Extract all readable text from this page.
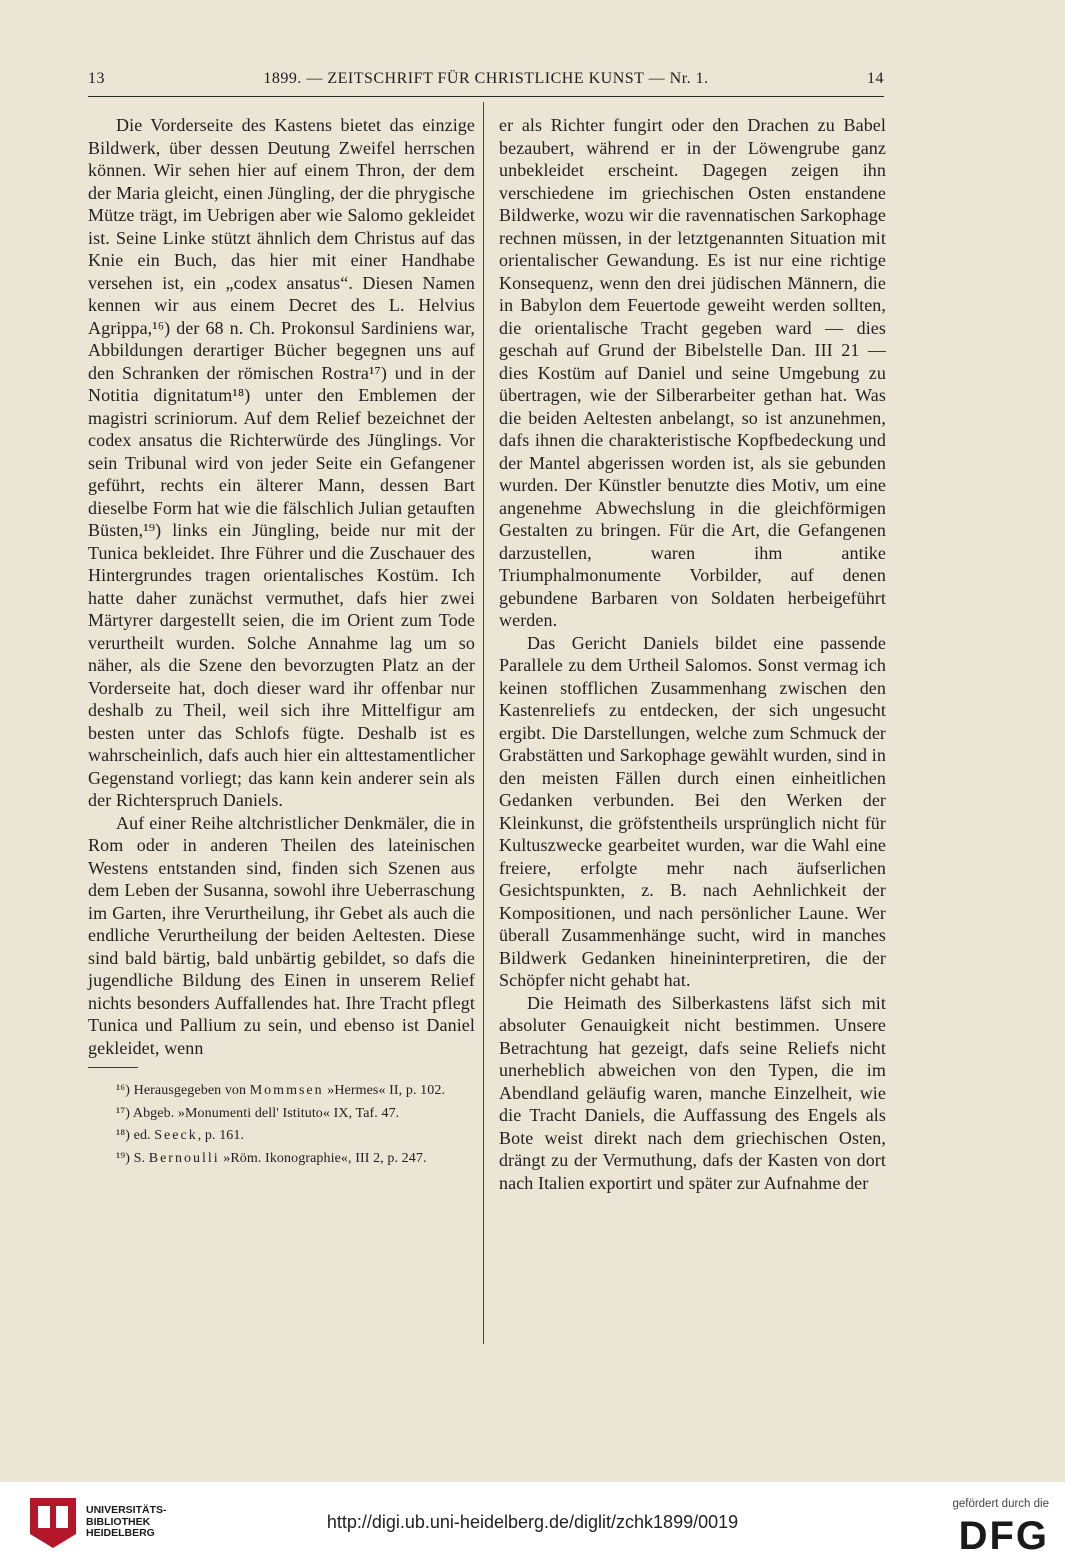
13	1899. — ZEITSCHRIFT FÜR CHRISTLICHE KUNST — Nr. 1.	14

Die Vorderseite des Kastens bietet das einzige Bildwerk, über dessen Deutung Zweifel herrschen können. Wir sehen hier auf einem Thron, der dem der Maria gleicht, einen Jüngling, der die phrygische Mütze trägt, im Uebrigen aber wie Salomo gekleidet ist. Seine Linke stützt ähnlich dem Christus auf das Knie ein Buch, das hier mit einer Handhabe versehen ist, ein „codex ansatus“. Diesen Namen kennen wir aus einem Decret des L. Helvius Agrippa,¹⁶) der 68 n. Ch. Prokonsul Sardiniens war, Abbildungen derartiger Bücher begegnen uns auf den Schranken der römischen Rostra¹⁷) und in der Notitia dignitatum¹⁸) unter den Emblemen der magistri scriniorum. Auf dem Relief bezeichnet der codex ansatus die Richterwürde des Jünglings. Vor sein Tribunal wird von jeder Seite ein Gefangener geführt, rechts ein älterer Mann, dessen Bart dieselbe Form hat wie die fälschlich Julian getauften Büsten,¹⁹) links ein Jüngling, beide nur mit der Tunica bekleidet. Ihre Führer und die Zuschauer des Hintergrundes tragen orientalisches Kostüm. Ich hatte daher zunächst vermuthet, dafs hier zwei Märtyrer dargestellt seien, die im Orient zum Tode verurtheilt wurden. Solche Annahme lag um so näher, als die Szene den bevorzugten Platz an der Vorderseite hat, doch dieser ward ihr offenbar nur deshalb zu Theil, weil sich ihre Mittelfigur am besten unter das Schlofs fügte. Deshalb ist es wahrscheinlich, dafs auch hier ein alttestamentlicher Gegenstand vorliegt; das kann kein anderer sein als der Richterspruch Daniels.

Auf einer Reihe altchristlicher Denkmäler, die in Rom oder in anderen Theilen des lateinischen Westens entstanden sind, finden sich Szenen aus dem Leben der Susanna, sowohl ihre Ueberraschung im Garten, ihre Verurtheilung, ihr Gebet als auch die endliche Verurtheilung der beiden Aeltesten. Diese sind bald bärtig, bald unbärtig gebildet, so dafs die jugendliche Bildung des Einen in unserem Relief nichts besonders Auffallendes hat. Ihre Tracht pflegt Tunica und Pallium zu sein, und ebenso ist Daniel gekleidet, wenn

¹⁶) Herausgegeben von Mommsen »Hermes« II, p. 102.

¹⁷) Abgeb. »Monumenti dell' Istituto« IX, Taf. 47.

¹⁸) ed. Seeck, p. 161.

¹⁹) S. Bernoulli »Röm. Ikonographie«, III 2, p. 247.

er als Richter fungirt oder den Drachen zu Babel bezaubert, während er in der Löwengrube ganz unbekleidet erscheint. Dagegen zeigen ihn verschiedene im griechischen Osten enstandene Bildwerke, wozu wir die ravennatischen Sarkophage rechnen müssen, in der letztgenannten Situation mit orientalischer Gewandung. Es ist nur eine richtige Konsequenz, wenn den drei jüdischen Männern, die in Babylon dem Feuertode geweiht werden sollten, die orientalische Tracht gegeben ward — dies geschah auf Grund der Bibelstelle Dan. III 21 — dies Kostüm auf Daniel und seine Umgebung zu übertragen, wie der Silberarbeiter gethan hat. Was die beiden Aeltesten anbelangt, so ist anzunehmen, dafs ihnen die charakteristische Kopfbedeckung und der Mantel abgerissen worden ist, als sie gebunden wurden. Der Künstler benutzte dies Motiv, um eine angenehme Abwechslung in die gleichförmigen Gestalten zu bringen. Für die Art, die Gefangenen darzustellen, waren ihm antike Triumphalmonumente Vorbilder, auf denen gebundene Barbaren von Soldaten herbeigeführt werden.

Das Gericht Daniels bildet eine passende Parallele zu dem Urtheil Salomos. Sonst vermag ich keinen stofflichen Zusammenhang zwischen den Kastenreliefs zu entdecken, der sich ungesucht ergibt. Die Darstellungen, welche zum Schmuck der Grabstätten und Sarkophage gewählt wurden, sind in den meisten Fällen durch einen einheitlichen Gedanken verbunden. Bei den Werken der Kleinkunst, die gröfstentheils ursprünglich nicht für Kultuszwecke gearbeitet wurden, war die Wahl eine freiere, erfolgte mehr nach äufserlichen Gesichtspunkten, z. B. nach Aehnlichkeit der Kompositionen, und nach persönlicher Laune. Wer überall Zusammenhänge sucht, wird in manches Bildwerk Gedanken hineininterpretiren, die der Schöpfer nicht gehabt hat.

Die Heimath des Silberkastens läfst sich mit absoluter Genauigkeit nicht bestimmen. Unsere Betrachtung hat gezeigt, dafs seine Reliefs nicht unerheblich abweichen von den Typen, die im Abendland geläufig waren, manche Einzelheit, wie die Tracht Daniels, die Auffassung des Engels als Bote weist direkt nach dem griechischen Osten, drängt zu der Vermuthung, dafs der Kasten von dort nach Italien exportirt und später zur Aufnahme der

UNIVERSITÄTS-
BIBLIOTHEK
HEIDELBERG
http://digi.ub.uni-heidelberg.de/diglit/zchk1899/0019
gefördert durch die
DFG
